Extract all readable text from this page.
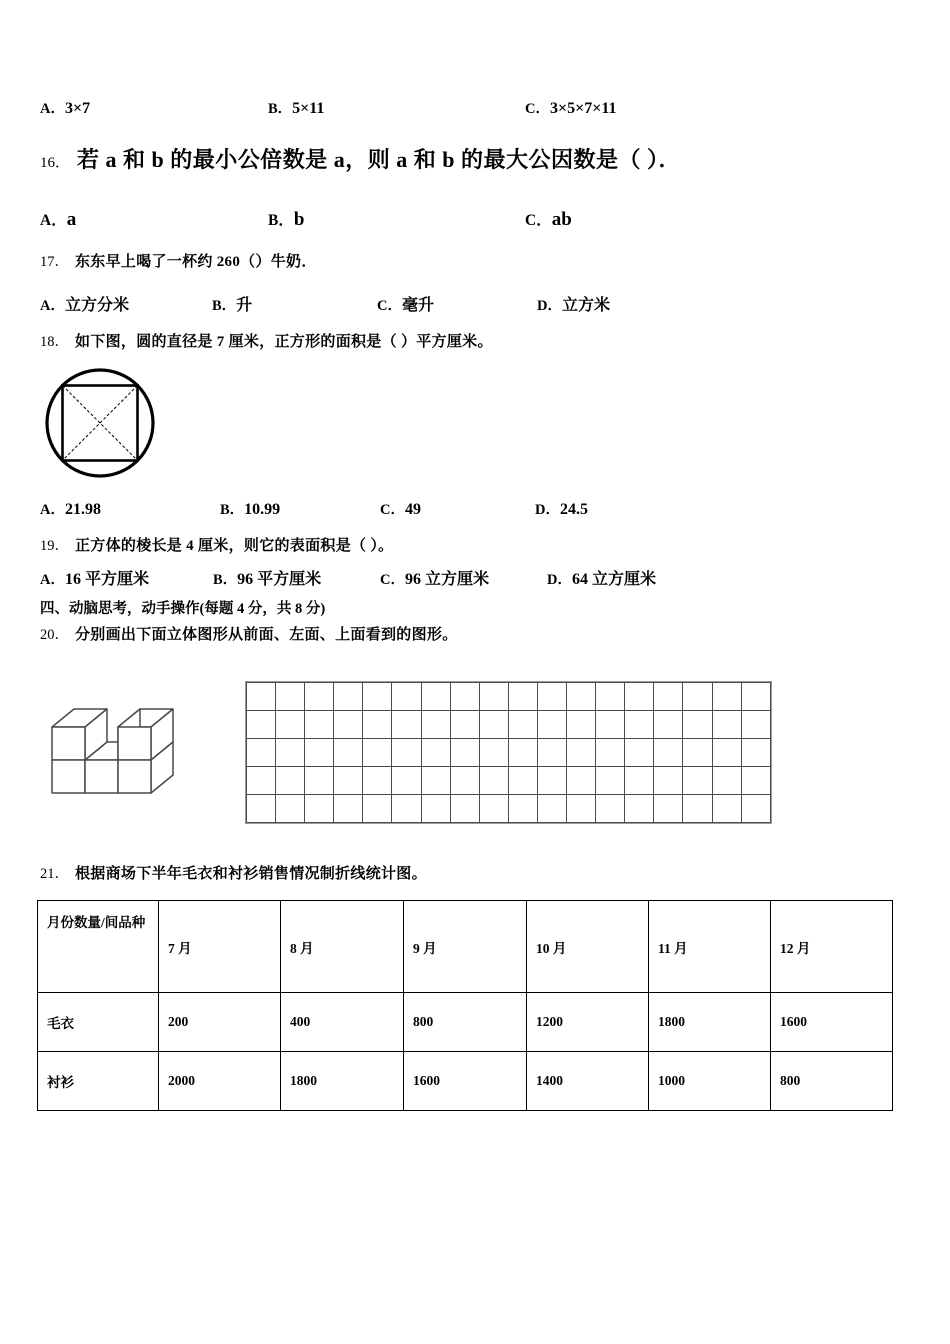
A．3×7	B．5×11	C．3×5×7×11
16． 若 a 和 b 的最小公倍数是 a，则 a 和 b 的最大公因数是（ ）．
A．a	B．b	C．ab
17． 东东早上喝了一杯约 260（）牛奶．
A．立方分米	B．升	C．毫升	D．立方米
18． 如下图，圆的直径是 7 厘米，正方形的面积是（ ）平方厘米。
A．21.98	B．10.99	C．49	D．24.5
19． 正方体的棱长是 4 厘米，则它的表面积是（ ）。
A．16 平方厘米	B．96 平方厘米	C．96 立方厘米	D．64 立方厘米
四、动脑思考，动手操作(每题 4 分，共 8 分)
20． 分别画出下面立体图形从前面、左面、上面看到的图形。

21． 根据商场下半年毛衣和衬衫销售情况制折线统计图。
月份数量/间品种	7 月	8 月	9 月	10 月	11 月	12 月
毛衣	200	400	800	1200	1800	1600
衬衫	2000	1800	1600	1400	1000	800
